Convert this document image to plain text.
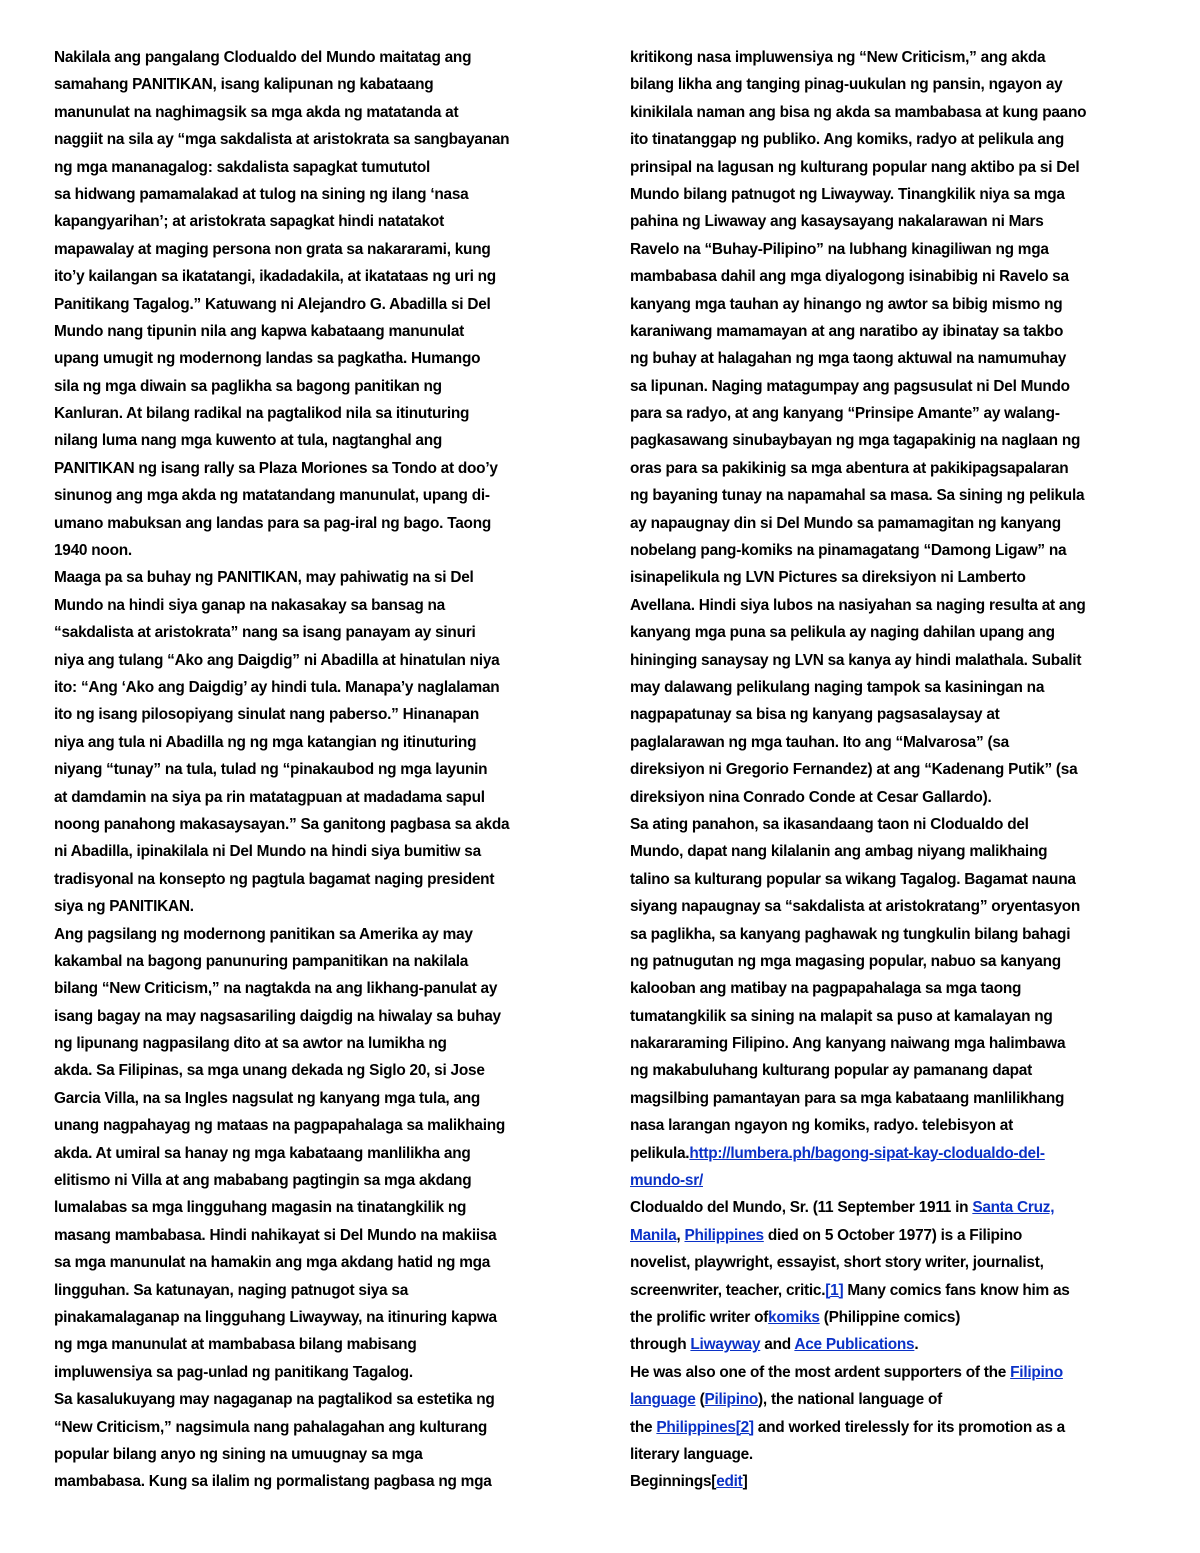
Nakilala ang pangalang Clodualdo del Mundo maitatag ang
samahang PANITIKAN, isang kalipunan ng kabataang
manunulat na naghimagsik sa mga akda ng matatanda at
naggiit na sila ay “mga sakdalista at aristokrata sa sangbayanan
ng mga mananagalog: sakdalista sapagkat tumututol
sa hidwang pamamalakad at tulog na sining ng ilang ‘nasa
kapangyarihan’; at aristokrata sapagkat hindi natatakot
mapawalay at maging persona non grata sa nakararami, kung
ito’y kailangan sa ikatatangi, ikadadakila, at ikatataas ng uri ng
Panitikang Tagalog.” Katuwang ni Alejandro G. Abadilla si Del
Mundo nang tipunin nila ang kapwa kabataang manunulat
upang umugit ng modernong landas sa pagkatha. Humango
sila ng mga diwain sa paglikha sa bagong panitikan ng
Kanluran. At bilang radikal na pagtalikod nila sa itinuturing
nilang luma nang mga kuwento at tula, nagtanghal ang
PANITIKAN ng isang rally sa Plaza Moriones sa Tondo at doo’y
sinunog ang mga akda ng matatandang manunulat, upang di-
umano mabuksan ang landas para sa pag-iral ng bago. Taong
1940 noon.
Maaga pa sa buhay ng PANITIKAN, may pahiwatig na si Del
Mundo na hindi siya ganap na nakasakay sa bansag na
“sakdalista at aristokrata” nang sa isang panayam ay sinuri
niya ang tulang “Ako ang Daigdig” ni Abadilla at hinatulan niya
ito: “Ang ‘Ako ang Daigdig’ ay hindi tula. Manapa’y naglalaman
ito ng isang pilosopiyang sinulat nang paberso.” Hinanapan
niya ang tula ni Abadilla ng ng mga katangian ng itinuturing
niyang “tunay” na tula, tulad ng “pinakaubod ng mga layunin
at damdamin na siya pa rin matatagpuan at madadama sapul
noong panahong makasaysayan.” Sa ganitong pagbasa sa akda
ni Abadilla, ipinakilala ni Del Mundo na hindi siya bumitiw sa
tradisyonal na konsepto ng pagtula bagamat naging president
siya ng PANITIKAN.
Ang pagsilang ng modernong panitikan sa Amerika ay may
kakambal na bagong panunuring pampanitikan na nakilala
bilang “New Criticism,” na nagtakda na ang likhang-panulat ay
isang bagay na may nagsasariling daigdig na hiwalay sa buhay
ng lipunang nagpasilang dito at sa awtor na lumikha ng
akda. Sa Filipinas, sa mga unang dekada ng Siglo 20, si Jose
Garcia Villa, na sa Ingles nagsulat ng kanyang mga tula, ang
unang nagpahayag ng mataas na pagpapahalaga sa malikhaing
akda. At umiral sa hanay ng mga kabataang manlilikha ang
elitismo ni Villa at ang mababang pagtingin sa mga akdang
lumalabas sa mga lingguhang magasin na tinatangkilik ng
masang mambabasa. Hindi nahikayat si Del Mundo na makiisa
sa mga manunulat na hamakin ang mga akdang hatid ng mga
lingguhan. Sa katunayan, naging patnugot siya sa
pinakamalaganap na lingguhang Liwayway, na itinuring kapwa
ng mga manunulat at mambabasa bilang mabisang
impluwensiya sa pag-unlad ng panitikang Tagalog.
Sa kasalukuyang may nagaganap na pagtalikod sa estetika ng
“New Criticism,” nagsimula nang pahalagahan ang kulturang
popular bilang anyo ng sining na umuugnay sa mga
mambabasa. Kung sa ilalim ng pormalistang pagbasa ng mga
kritikong nasa impluwensiya ng “New Criticism,” ang akda
bilang likha ang tanging pinag-uukulan ng pansin, ngayon ay
kinikilala naman ang bisa ng akda sa mambabasa at kung paano
ito tinatanggap ng publiko. Ang komiks, radyo at pelikula ang
prinsipal na lagusan ng kulturang popular nang aktibo pa si Del
Mundo bilang patnugot ng Liwayway. Tinangkilik niya sa mga
pahina ng Liwaway ang kasaysayang nakalarawan ni Mars
Ravelo na “Buhay-Pilipino” na lubhang kinagiliwan ng mga
mambabasa dahil ang mga diyalogong isinabibig ni Ravelo sa
kanyang mga tauhan ay hinango ng awtor sa bibig mismo ng
karaniwang mamamayan at ang naratibo ay ibinatay sa takbo
ng buhay at halagahan ng mga taong aktuwal na namumuhay
sa lipunan. Naging matagumpay ang pagsusulat ni Del Mundo
para sa radyo, at ang kanyang “Prinsipe Amante” ay walang-
pagkasawang sinubaybayan ng mga tagapakinig na naglaan ng
oras para sa pakikinig sa mga abentura at pakikipagsapalaran
ng bayaning tunay na napamahal sa masa. Sa sining ng pelikula
ay napaugnay din si Del Mundo sa pamamagitan ng kanyang
nobelang pang-komiks na pinamagatang “Damong Ligaw” na
isinapelikula ng LVN Pictures sa direksiyon ni Lamberto
Avellana. Hindi siya lubos na nasiyahan sa naging resulta at ang
kanyang mga puna sa pelikula ay naging dahilan upang ang
hininging sanaysay ng LVN sa kanya ay hindi malathala. Subalit
may dalawang pelikulang naging tampok sa kasiningan na
nagpapatunay sa bisa ng kanyang pagsasalaysay at
paglalarawan ng mga tauhan. Ito ang “Malvarosa” (sa
direksiyon ni Gregorio Fernandez) at ang “Kadenang Putik” (sa
direksiyon nina Conrado Conde at Cesar Gallardo).
Sa ating panahon, sa ikasandaang taon ni Clodualdo del
Mundo, dapat nang kilalanin ang ambag niyang malikhaing
talino sa kulturang popular sa wikang Tagalog. Bagamat nauna
siyang napaugnay sa “sakdalista at aristokratang” oryentasyon
sa paglikha, sa kanyang paghawak ng tungkulin bilang bahagi
ng patnugutan ng mga magasing popular, nabuo sa kanyang
kalooban ang matibay na pagpapahalaga sa mga taong
tumatangkilik sa sining na malapit sa puso at kamalayan ng
nakararaming Filipino. Ang kanyang naiwang mga halimbawa
ng makabuluhang kulturang popular ay pamanang dapat
magsilbing pamantayan para sa mga kabataang manlilikhang
nasa larangan ngayon ng komiks, radyo. telebisyon at
pelikula.http://lumbera.ph/bagong-sipat-kay-clodualdo-del-
mundo-sr/
Clodualdo del Mundo, Sr. (11 September 1911 in Santa Cruz,
Manila, Philippines died on 5 October 1977) is a Filipino
novelist, playwright, essayist, short story writer, journalist,
screenwriter, teacher, critic.[1] Many comics fans know him as
the prolific writer ofkomiks (Philippine comics)
through Liwayway and Ace Publications.
He was also one of the most ardent supporters of the Filipino
language (Pilipino), the national language of
the Philippines[2] and worked tirelessly for its promotion as a
literary language.
Beginnings[edit]
